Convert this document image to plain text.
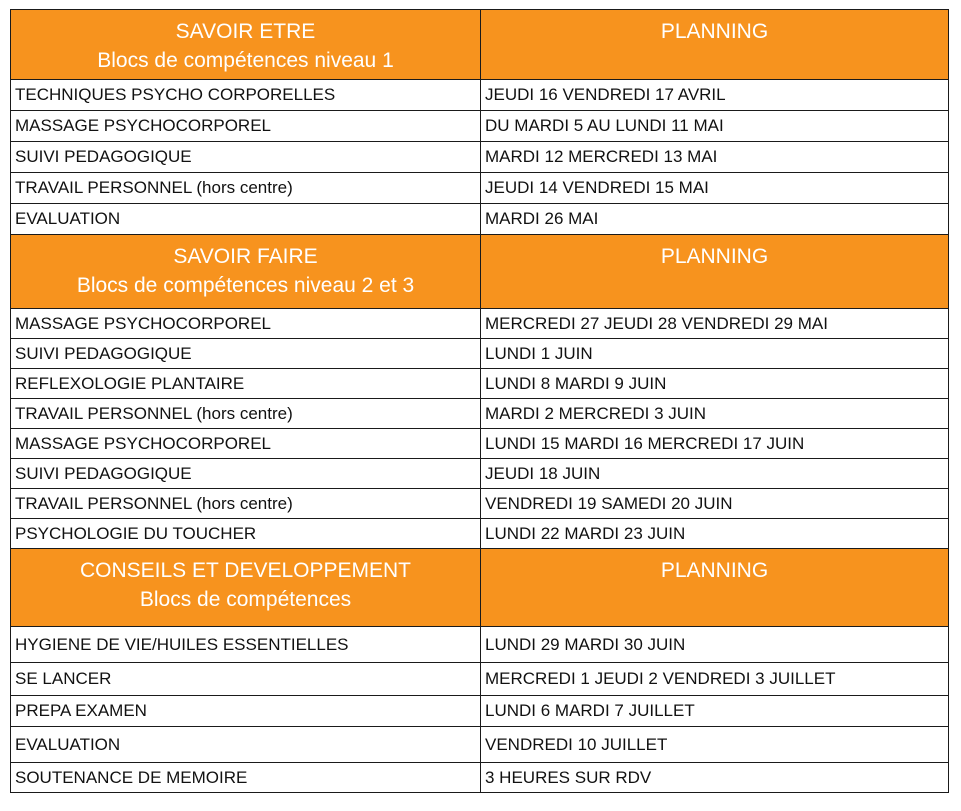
SAVOIR ETRE
Blocs de compétences niveau 1	PLANNING
TECHNIQUES PSYCHO CORPORELLES	JEUDI 16 VENDREDI 17 AVRIL
MASSAGE PSYCHOCORPOREL	DU MARDI 5 AU LUNDI 11 MAI
SUIVI PEDAGOGIQUE	MARDI 12 MERCREDI 13 MAI
TRAVAIL PERSONNEL (hors centre)	JEUDI 14 VENDREDI 15 MAI
EVALUATION	MARDI 26 MAI

SAVOIR FAIRE
Blocs de compétences niveau 2 et 3	PLANNING
MASSAGE PSYCHOCORPOREL	MERCREDI 27 JEUDI 28 VENDREDI 29 MAI
SUIVI PEDAGOGIQUE	LUNDI 1 JUIN
REFLEXOLOGIE PLANTAIRE	LUNDI 8 MARDI 9 JUIN
TRAVAIL PERSONNEL (hors centre)	MARDI 2 MERCREDI 3 JUIN
MASSAGE PSYCHOCORPOREL	LUNDI 15 MARDI 16 MERCREDI 17 JUIN
SUIVI PEDAGOGIQUE	JEUDI 18 JUIN
TRAVAIL PERSONNEL (hors centre)	VENDREDI 19 SAMEDI 20 JUIN
PSYCHOLOGIE DU TOUCHER	LUNDI 22 MARDI 23 JUIN

CONSEILS ET DEVELOPPEMENT
Blocs de compétences	PLANNING
HYGIENE DE VIE/HUILES ESSENTIELLES	LUNDI 29 MARDI 30 JUIN
SE LANCER	MERCREDI 1 JEUDI 2 VENDREDI 3 JUILLET
PREPA EXAMEN	LUNDI 6 MARDI 7 JUILLET
EVALUATION	VENDREDI 10 JUILLET
SOUTENANCE DE MEMOIRE	3 HEURES SUR RDV
